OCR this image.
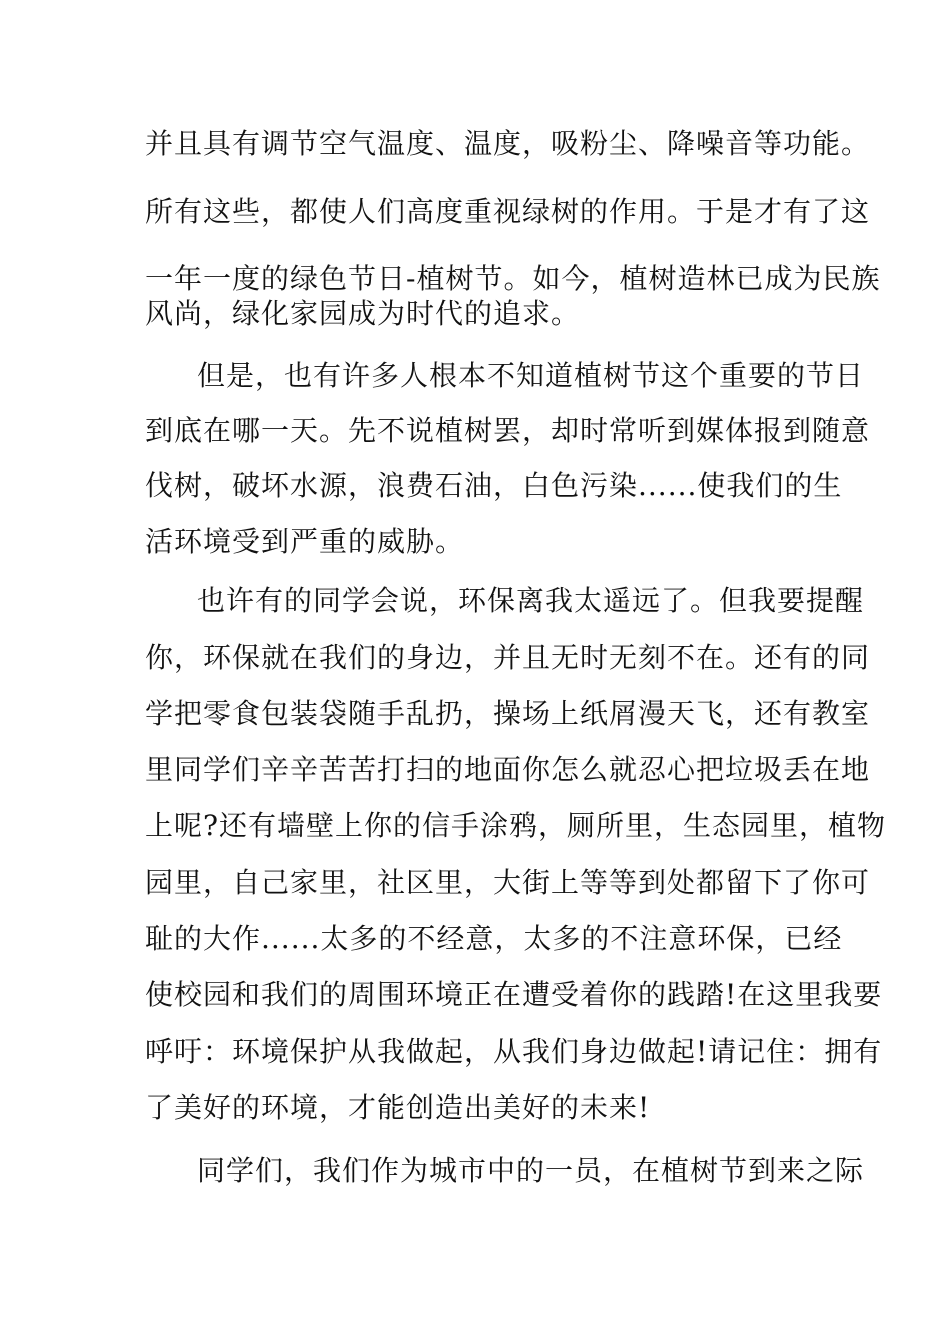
并且具有调节空气温度、温度，吸粉尘、降噪音等功能。
所有这些，都使人们高度重视绿树的作用。于是才有了这
一年一度的绿色节日-植树节。如今，植树造林已成为民族
风尚，绿化家园成为时代的追求。
但是，也有许多人根本不知道植树节这个重要的节日
到底在哪一天。先不说植树罢，却时常听到媒体报到随意
伐树，破坏水源，浪费石油，白色污染......使我们的生
活环境受到严重的威胁。
也许有的同学会说，环保离我太遥远了。但我要提醒
你，环保就在我们的身边，并且无时无刻不在。还有的同
学把零食包装袋随手乱扔，操场上纸屑漫天飞，还有教室
里同学们辛辛苦苦打扫的地面你怎么就忍心把垃圾丢在地
上呢?还有墙壁上你的信手涂鸦，厕所里，生态园里，植物
园里，自己家里，社区里，大街上等等到处都留下了你可
耻的大作......太多的不经意，太多的不注意环保，已经
使校园和我们的周围环境正在遭受着你的践踏!在这里我要
呼吁：环境保护从我做起，从我们身边做起!请记住：拥有
了美好的环境，才能创造出美好的未来!
同学们，我们作为城市中的一员，在植树节到来之际
